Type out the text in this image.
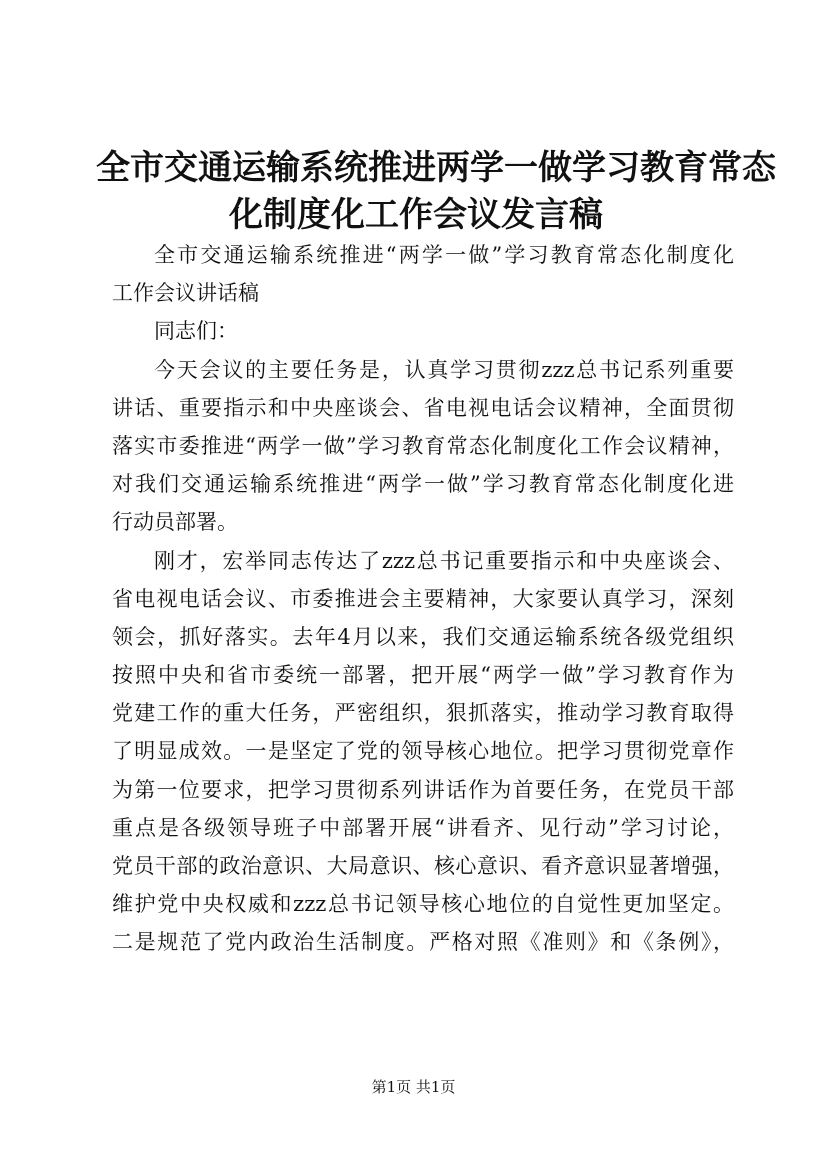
全市交通运输系统推进两学一做学习教育常态
化制度化工作会议发言稿
全市交通运输系统推进“两学一做”学习教育常态化制度化
工作会议讲话稿
同志们：
今天会议的主要任务是，认真学习贯彻zzz总书记系列重要
讲话、重要指示和中央座谈会、省电视电话会议精神，全面贯彻
落实市委推进“两学一做”学习教育常态化制度化工作会议精神，
对我们交通运输系统推进“两学一做”学习教育常态化制度化进
行动员部署。
刚才，宏举同志传达了zzz总书记重要指示和中央座谈会、
省电视电话会议、市委推进会主要精神，大家要认真学习，深刻
领会，抓好落实。去年4月以来，我们交通运输系统各级党组织
按照中央和省市委统一部署，把开展“两学一做”学习教育作为
党建工作的重大任务，严密组织，狠抓落实，推动学习教育取得
了明显成效。一是坚定了党的领导核心地位。把学习贯彻党章作
为第一位要求，把学习贯彻系列讲话作为首要任务，在党员干部
重点是各级领导班子中部署开展“讲看齐、见行动”学习讨论，
党员干部的政治意识、大局意识、核心意识、看齐意识显著增强，
维护党中央权威和zzz总书记领导核心地位的自觉性更加坚定。
二是规范了党内政治生活制度。严格对照《准则》和《条例》，
第1页 共1页
